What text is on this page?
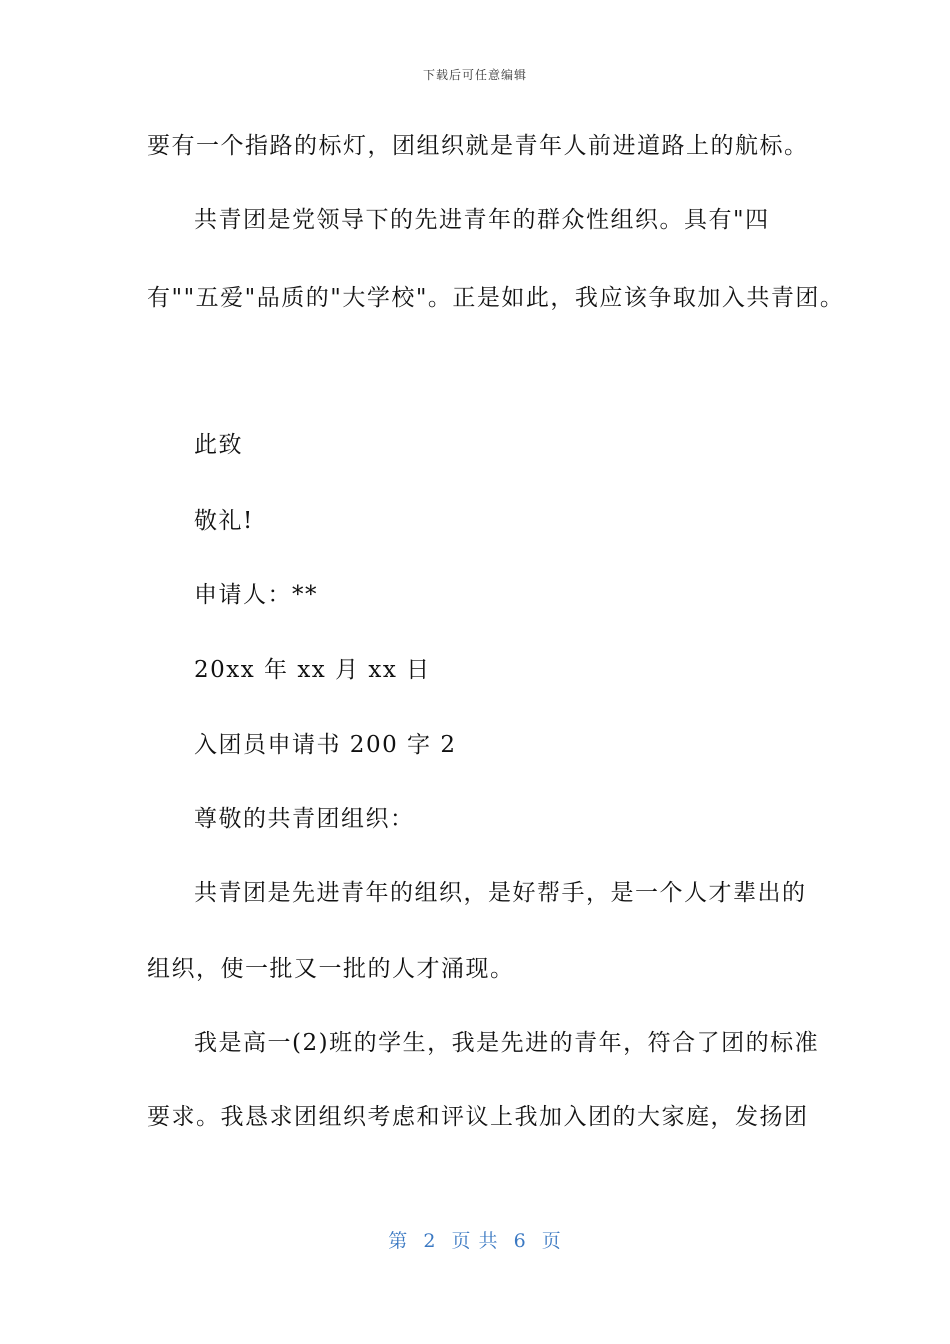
下载后可任意编辑
要有一个指路的标灯，团组织就是青年人前进道路上的航标。
共青团是党领导下的先进青年的群众性组织。具有"四
有""五爱"品质的"大学校"。正是如此，我应该争取加入共青团。
此致
敬礼!
申请人：**
20xx 年 xx 月 xx 日
入团员申请书 200 字 2
尊敬的共青团组织：
共青团是先进青年的组织，是好帮手，是一个人才辈出的
组织，使一批又一批的人才涌现。
我是高一(2)班的学生，我是先进的青年，符合了团的标准
要求。我恳求团组织考虑和评议上我加入团的大家庭，发扬团
第 2 页 共 6 页
